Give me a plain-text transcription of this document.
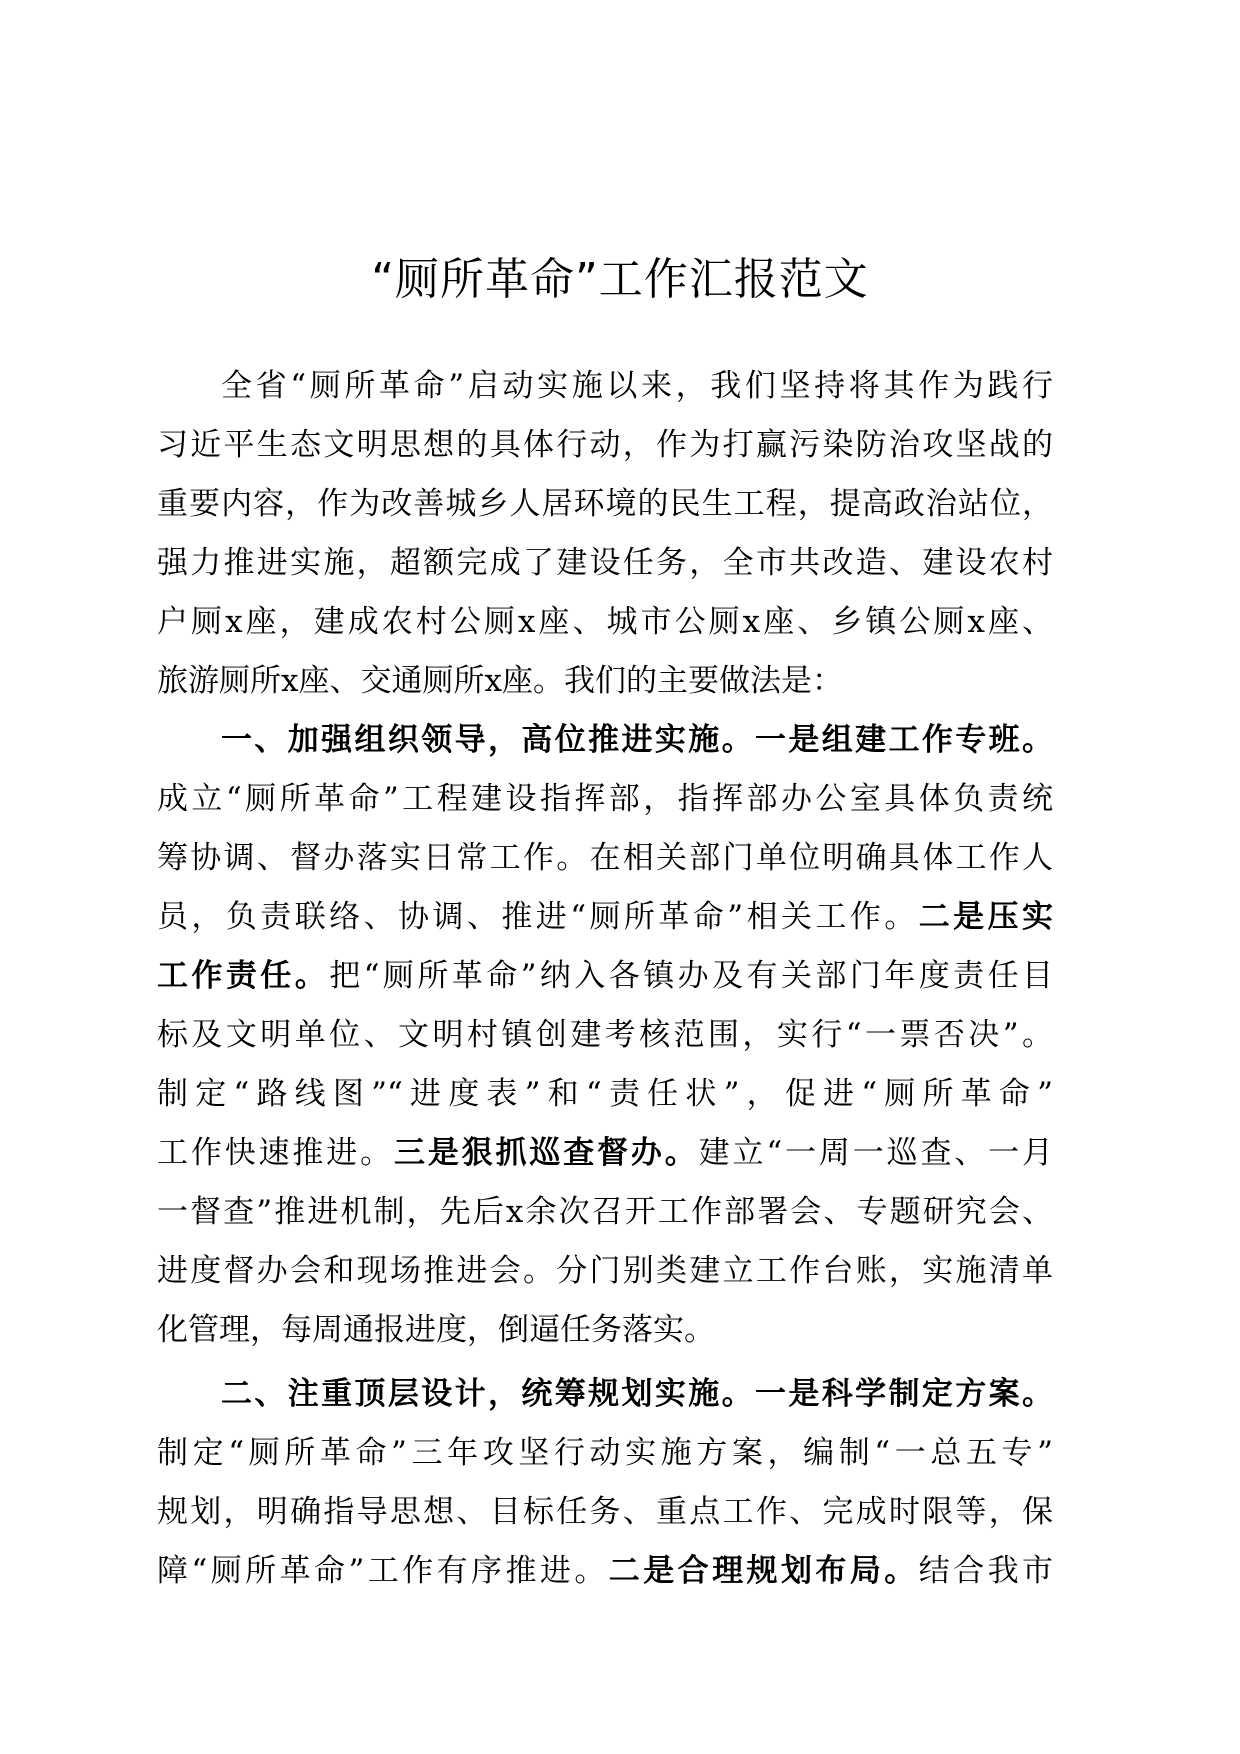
“厕所革命”工作汇报范文
全省“厕所革命”启动实施以来，我们坚持将其作为践行
习近平生态文明思想的具体行动，作为打赢污染防治攻坚战的
重要内容，作为改善城乡人居环境的民生工程，提高政治站位，
强力推进实施，超额完成了建设任务，全市共改造、建设农村
户厕x座，建成农村公厕x座、城市公厕x座、乡镇公厕x座、
旅游厕所x座、交通厕所x座。我们的主要做法是：
一、加强组织领导，高位推进实施。一是组建工作专班。
成立“厕所革命”工程建设指挥部，指挥部办公室具体负责统
筹协调、督办落实日常工作。在相关部门单位明确具体工作人
员，负责联络、协调、推进“厕所革命”相关工作。二是压实
工作责任。把“厕所革命”纳入各镇办及有关部门年度责任目
标及文明单位、文明村镇创建考核范围，实行“一票否决”。
制定“路线图”“进度表”和“责任状”，促进“厕所革命”
工作快速推进。三是狠抓巡查督办。建立“一周一巡查、一月
一督查”推进机制，先后x余次召开工作部署会、专题研究会、
进度督办会和现场推进会。分门别类建立工作台账，实施清单
化管理，每周通报进度，倒逼任务落实。
二、注重顶层设计，统筹规划实施。一是科学制定方案。
制定“厕所革命”三年攻坚行动实施方案，编制“一总五专”
规划，明确指导思想、目标任务、重点工作、完成时限等，保
障“厕所革命”工作有序推进。二是合理规划布局。结合我市
